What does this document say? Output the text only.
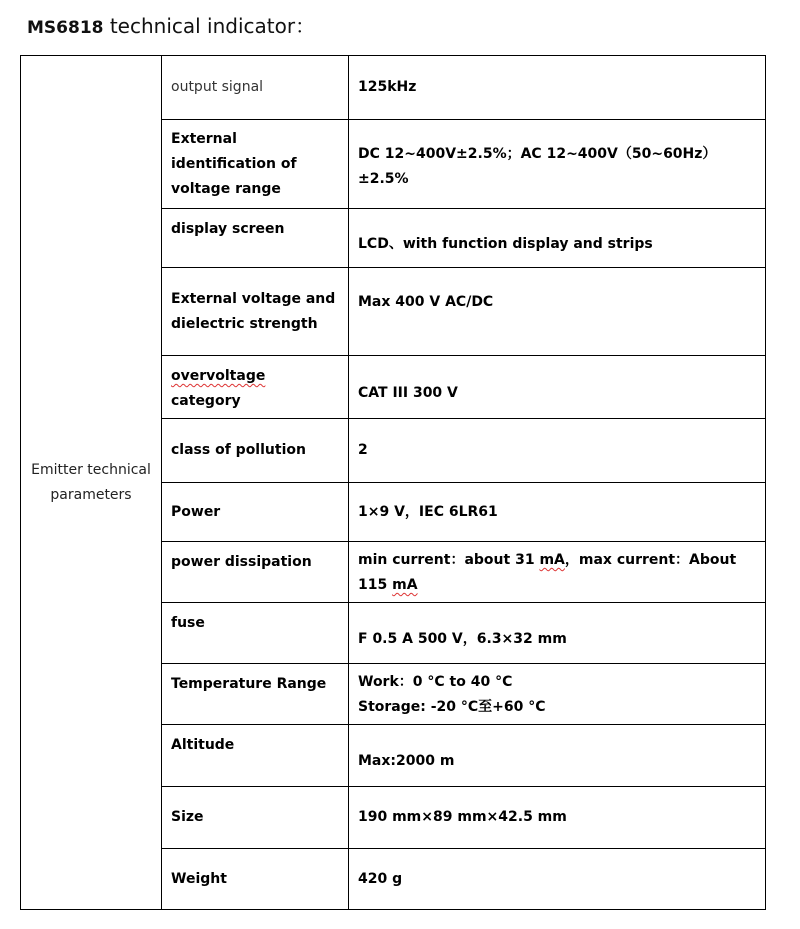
MS6818 technical indicator：
Emitter technical parameters	output signal	125kHz
	External identification of voltage range	DC 12~400V±2.5%；AC 12~400V（50~60Hz）±2.5%
	display screen	LCD、with function display and strips
	External voltage and dielectric strength	Max 400 V AC/DC
	overvoltage category	CAT III 300 V
	class of pollution	2
	Power	1×9 V，IEC 6LR61
	power dissipation	min current：about 31 mA，max current：About 115 mA
	fuse	F 0.5 A 500 V，6.3×32 mm
	Temperature Range	Work：0 °C to 40 °C
Storage: -20 °C至+60 °C

	Altitude	Max:2000 m
	Size	190 mm×89 mm×42.5 mm
	Weight	420 g
